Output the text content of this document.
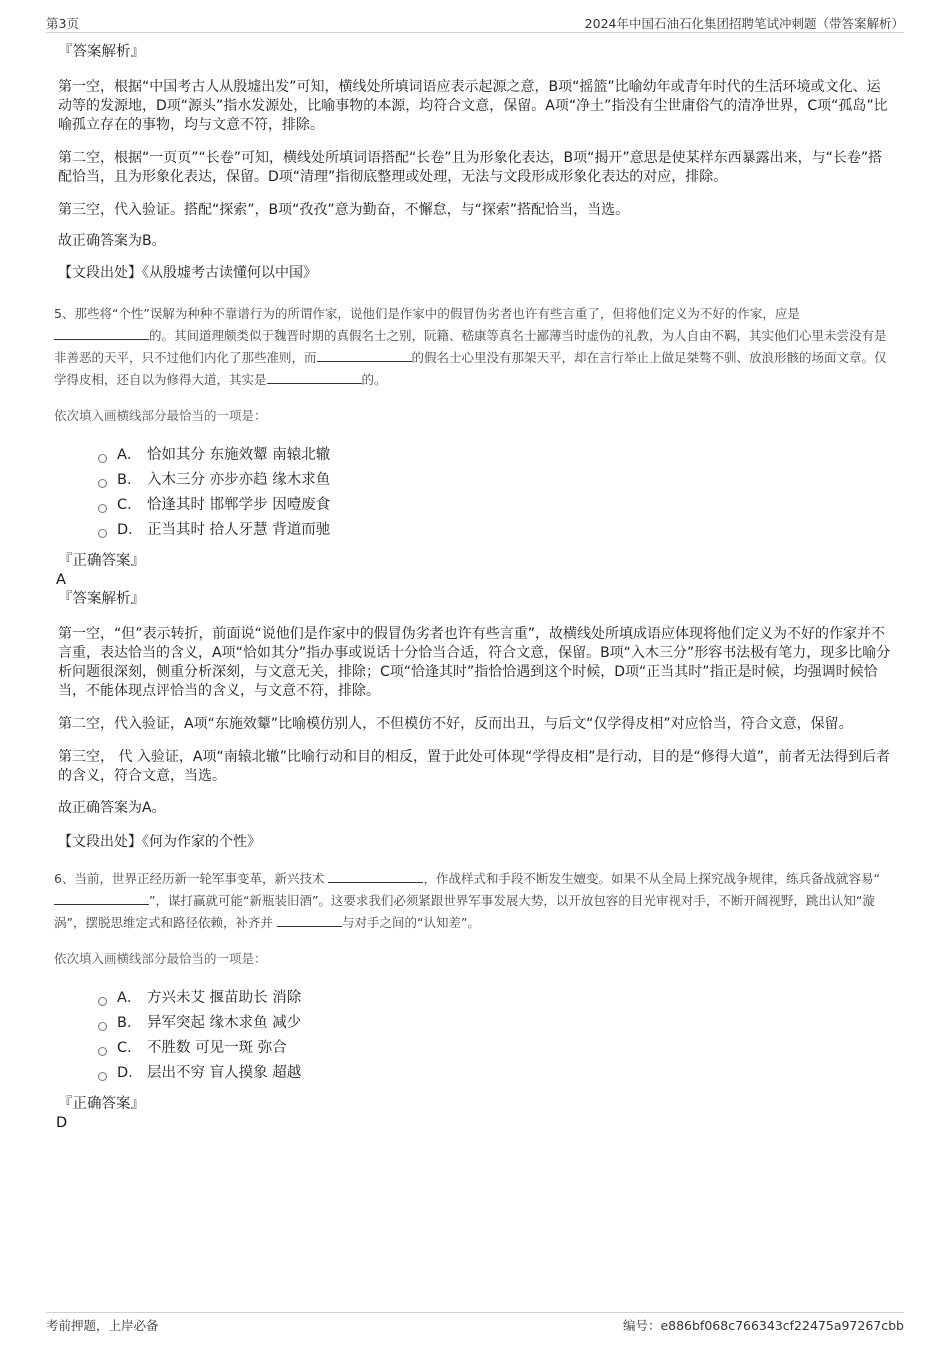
第3页	2024年中国石油石化集团招聘笔试冲刺题（带答案解析）
『答案解析』

第一空，根据“中国考古人从殷墟出发”可知，横线处所填词语应表示起源之意，B项“摇篮”比喻幼年或青年时代的生活环境或文化、运动等的发源地，D项“源头”指水发源处，比喻事物的本源，均符合文意，保留。A项“净土”指没有尘世庸俗气的清净世界，C项“孤岛”比喻孤立存在的事物，均与文意不符，排除。

第二空，根据“一页页”“长卷”可知，横线处所填词语搭配“长卷”且为形象化表达，B项“揭开”意思是使某样东西暴露出来，与“长卷”搭配恰当，且为形象化表达，保留。D项“清理”指彻底整理或处理，无法与文段形成形象化表达的对应，排除。

第三空，代入验证。搭配“探索”，B项“孜孜”意为勤奋，不懈怠，与“探索”搭配恰当，当选。

故正确答案为B。

【文段出处】《从殷墟考古读懂何以中国》

5、那些将“个性”误解为种种不靠谱行为的所谓作家，说他们是作家中的假冒伪劣者也许有些言重了，但将他们定义为不好的作家，应是
的。其间道理颇类似于魏晋时期的真假名士之别，阮籍、嵇康等真名士鄙薄当时虚伪的礼教，为人自由不羁，其实他们心里未尝没有是非善恶的天平，只不过他们内化了那些准则，而	的假名士心里没有那架天平，却在言行举止上做足桀骜不驯、放浪形骸的场面文章。仅学得皮相，还自以为修得大道，其实是	的。

依次填入画横线部分最恰当的一项是：
A． 恰如其分 东施效颦 南辕北辙
B． 入木三分 亦步亦趋 缘木求鱼
C． 恰逢其时 邯郸学步 因噎废食
D． 正当其时 拾人牙慧 背道而驰
『正确答案』
A
『答案解析』

第一空，“但”表示转折，前面说“说他们是作家中的假冒伪劣者也许有些言重”，故横线处所填成语应体现将他们定义为不好的作家并不言重，表达恰当的含义，A项“恰如其分”指办事或说话十分恰当合适，符合文意，保留。B项“入木三分”形容书法极有笔力，现多比喻分析问题很深刻，侧重分析深刻，与文意无关，排除；C项“恰逢其时”指恰恰遇到这个时候，D项“正当其时”指正是时候，均强调时候恰当，不能体现点评恰当的含义，与文意不符，排除。

第二空，代入验证，A项“东施效颦”比喻模仿别人，不但模仿不好，反而出丑，与后文“仅学得皮相”对应恰当，符合文意，保留。

第三空， 代 入验证，A项“南辕北辙”比喻行动和目的相反，置于此处可体现“学得皮相”是行动，目的是“修得大道”，前者无法得到后者的含义，符合文意，当选。

故正确答案为A。

【文段出处】《何为作家的个性》

6、当前，世界正经历新一轮军事变革，新兴技术	，作战样式和手段不断发生嬗变。如果不从全局上探究战争规律，练兵备战就容易“”，谋打赢就可能“新瓶装旧酒”。这要求我们必须紧跟世界军事发展大势，以开放包容的目光审视对手，不断开阔视野，跳出认知“漩涡”，摆脱思维定式和路径依赖，补齐并	与对手之间的“认知差”。

依次填入画横线部分最恰当的一项是：
A． 方兴未艾 揠苗助长 消除
B． 异军突起 缘木求鱼 减少
C． 不胜数 可见一斑 弥合
D． 层出不穷 盲人摸象 超越
『正确答案』
D
考前押题，上岸必备	编号：e886bf068c766343cf22475a97267cbb
